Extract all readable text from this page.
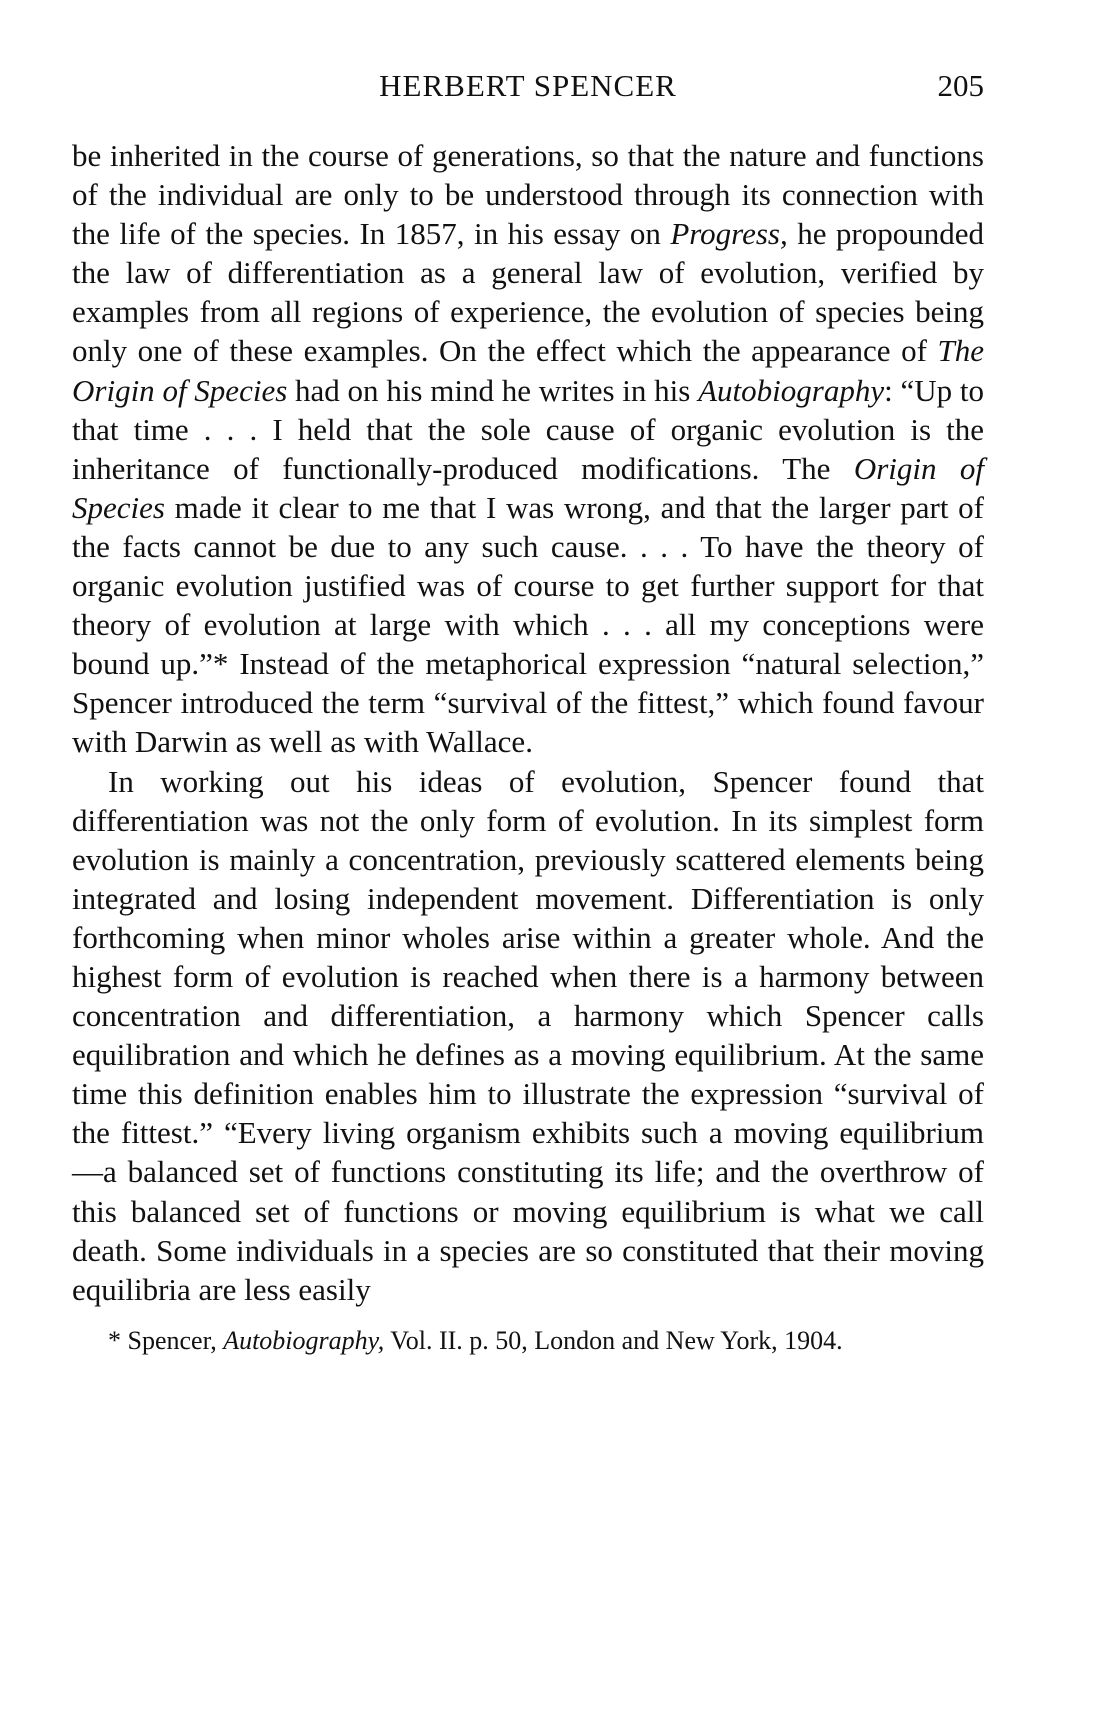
HERBERT SPENCER	205

be inherited in the course of generations, so that the nature and functions of the individual are only to be understood through its connection with the life of the species. In 1857, in his essay on Progress, he propounded the law of differentiation as a general law of evolution, verified by examples from all regions of experience, the evolution of species being only one of these examples. On the effect which the appearance of The Origin of Species had on his mind he writes in his Autobiography: “Up to that time . . . I held that the sole cause of organic evolution is the inheritance of functionally-produced modifications. The Origin of Species made it clear to me that I was wrong, and that the larger part of the facts cannot be due to any such cause. . . . To have the theory of organic evolution justified was of course to get further support for that theory of evolution at large with which . . . all my conceptions were bound up.”* Instead of the metaphorical expression “natural selection,” Spencer introduced the term “survival of the fittest,” which found favour with Darwin as well as with Wallace.

In working out his ideas of evolution, Spencer found that differentiation was not the only form of evolution. In its simplest form evolution is mainly a concentration, previously scattered elements being integrated and losing independent movement. Differentiation is only forthcoming when minor wholes arise within a greater whole. And the highest form of evolution is reached when there is a harmony between concentration and differentiation, a harmony which Spencer calls equilibration and which he defines as a moving equilibrium. At the same time this definition enables him to illustrate the expression “survival of the fittest.” “Every living organism exhibits such a moving equilibrium—a balanced set of functions constituting its life; and the overthrow of this balanced set of functions or moving equilibrium is what we call death. Some individuals in a species are so constituted that their moving equilibria are less easily

* Spencer, Autobiography, Vol. II. p. 50, London and New York, 1904.
